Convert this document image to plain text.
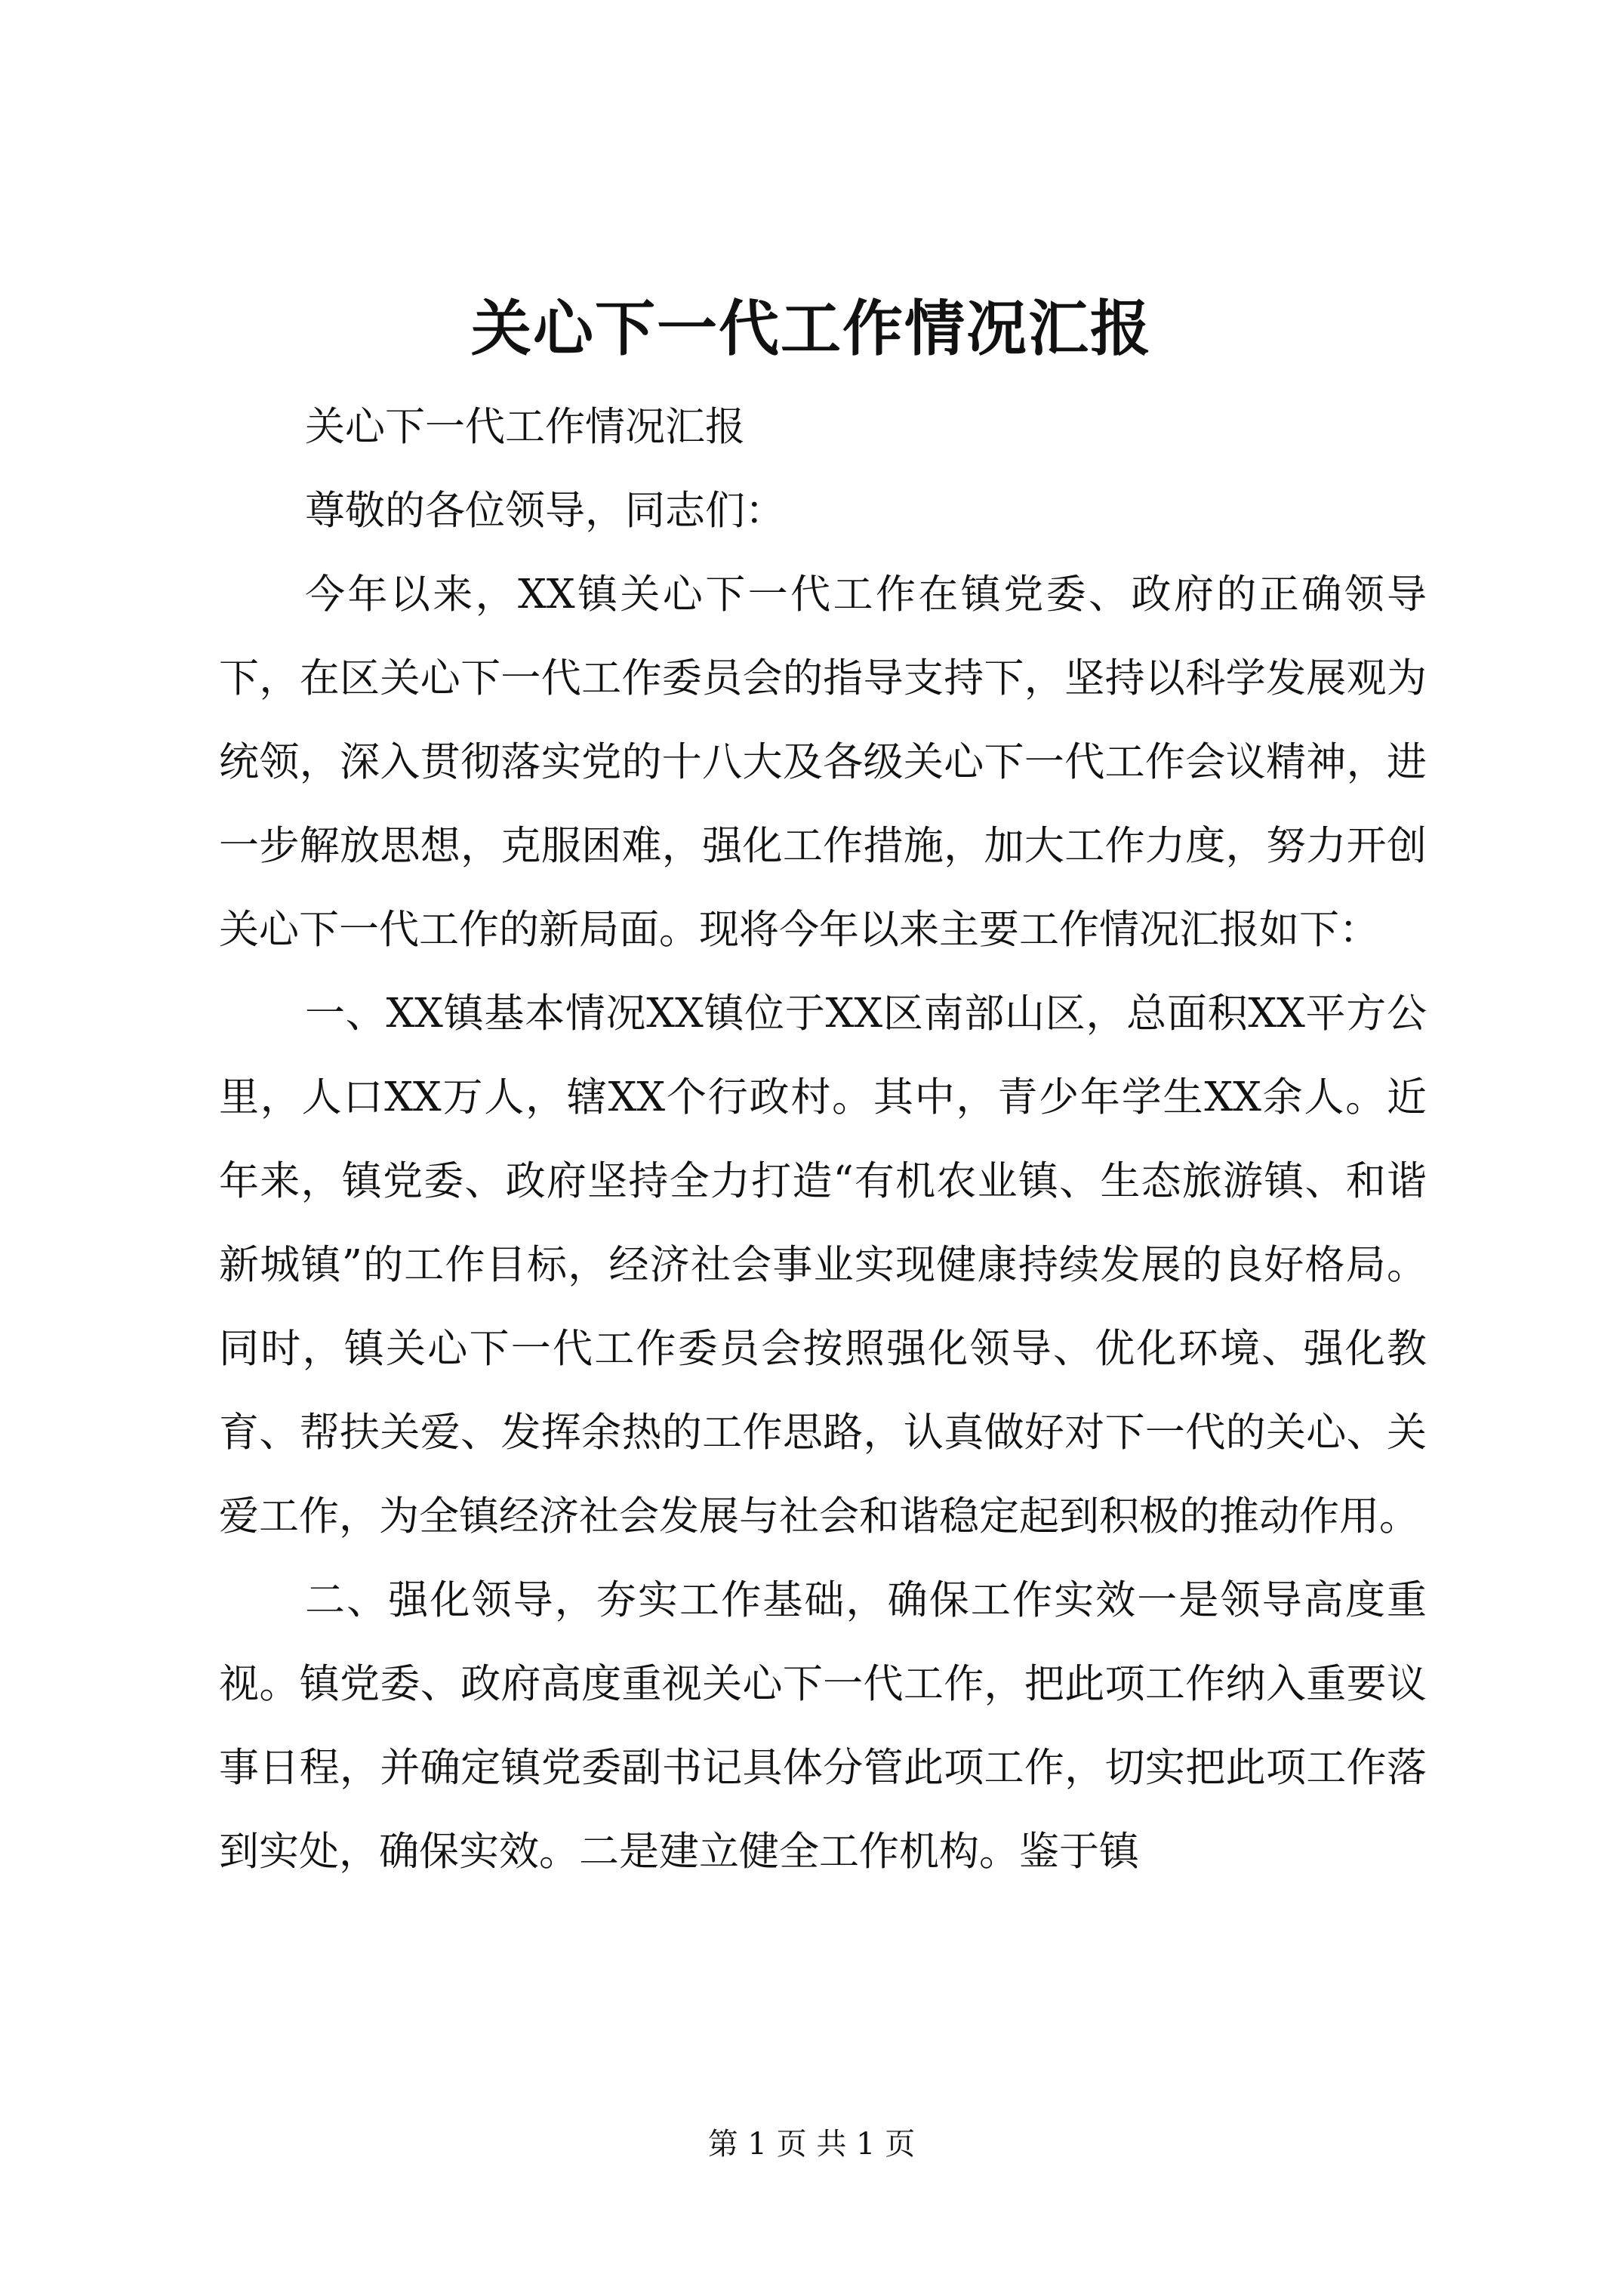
关心下一代工作情况汇报

关心下一代工作情况汇报

尊敬的各位领导，同志们：

今年以来，XX镇关心下一代工作在镇党委、政府的正确领导下，在区关心下一代工作委员会的指导支持下，坚持以科学发展观为统领，深入贯彻落实党的十八大及各级关心下一代工作会议精神，进一步解放思想，克服困难，强化工作措施，加大工作力度，努力开创关心下一代工作的新局面。现将今年以来主要工作情况汇报如下：

一、XX镇基本情况XX镇位于XX区南部山区，总面积XX平方公里，人口XX万人，辖XX个行政村。其中，青少年学生XX余人。近年来，镇党委、政府坚持全力打造“有机农业镇、生态旅游镇、和谐新城镇”的工作目标，经济社会事业实现健康持续发展的良好格局。同时，镇关心下一代工作委员会按照强化领导、优化环境、强化教育、帮扶关爱、发挥余热的工作思路，认真做好对下一代的关心、关爱工作，为全镇经济社会发展与社会和谐稳定起到积极的推动作用。

二、强化领导，夯实工作基础，确保工作实效一是领导高度重视。镇党委、政府高度重视关心下一代工作，把此项工作纳入重要议事日程，并确定镇党委副书记具体分管此项工作，切实把此项工作落到实处，确保实效。二是建立健全工作机构。鉴于镇

第 1 页 共 1 页
